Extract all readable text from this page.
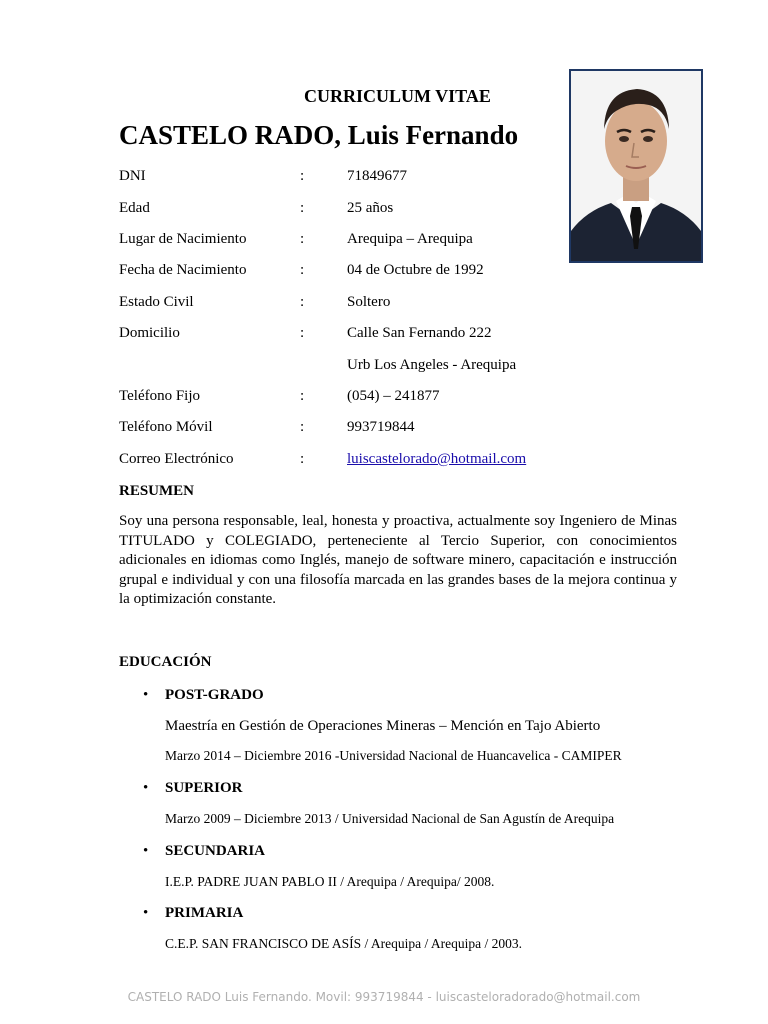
CURRICULUM VITAE
CASTELO RADO, Luis Fernando
DNI	:	71849677
Edad	:	25 años
Lugar de Nacimiento	:	Arequipa – Arequipa
Fecha de Nacimiento	:	04 de Octubre de 1992
Estado Civil	:	Soltero
Domicilio	:	Calle San Fernando 222
Urb Los Angeles - Arequipa
Teléfono Fijo	:	(054) – 241877
Teléfono Móvil	:	993719844
Correo Electrónico	:	luiscastelorado@hotmail.com
RESUMEN
Soy una persona responsable, leal, honesta y proactiva, actualmente soy Ingeniero de Minas TITULADO y COLEGIADO, perteneciente al Tercio Superior, con conocimientos adicionales en idiomas como Inglés, manejo de software minero, capacitación e instrucción grupal e individual y con una filosofía marcada en las grandes bases de la mejora continua y la optimización constante.
EDUCACIÓN
• POST-GRADO
Maestría en Gestión de Operaciones Mineras – Mención en Tajo Abierto
Marzo 2014 – Diciembre 2016 -Universidad Nacional de Huancavelica - CAMIPER
• SUPERIOR
Marzo 2009 – Diciembre 2013 / Universidad Nacional de San Agustín de Arequipa
• SECUNDARIA
I.E.P. PADRE JUAN PABLO II / Arequipa / Arequipa/ 2008.
• PRIMARIA
C.E.P. SAN FRANCISCO DE ASÍS / Arequipa / Arequipa / 2003.
CASTELO RADO Luis Fernando. Movil: 993719844 - luiscasteloradorado@hotmail.com
